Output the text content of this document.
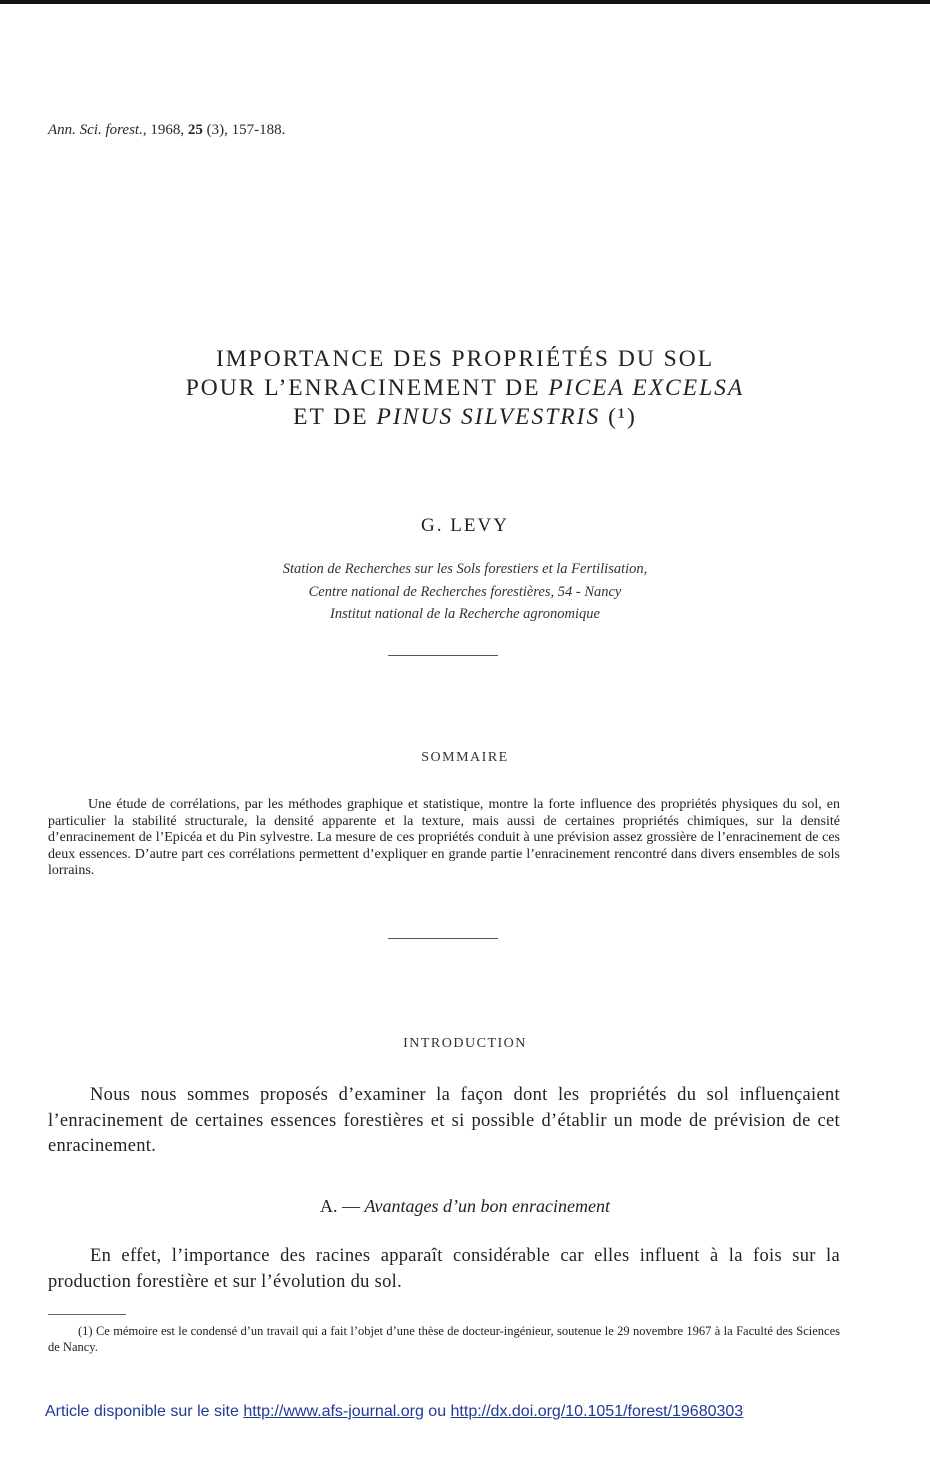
Ann. Sci. forest., 1968, 25 (3), 157-188.
IMPORTANCE DES PROPRIÉTÉS DU SOL
POUR L’ENRACINEMENT DE PICEA EXCELSA
ET DE PINUS SILVESTRIS (¹)
G. LEVY
Station de Recherches sur les Sols forestiers et la Fertilisation,
Centre national de Recherches forestières, 54 - Nancy
Institut national de la Recherche agronomique
SOMMAIRE
Une étude de corrélations, par les méthodes graphique et statistique, montre la forte influence des propriétés physiques du sol, en particulier la stabilité structurale, la densité apparente et la texture, mais aussi de certaines propriétés chimiques, sur la densité d’enracinement de l’Epicéa et du Pin sylvestre. La mesure de ces propriétés conduit à une prévision assez grossière de l’enracinement de ces deux essences. D’autre part ces corrélations permettent d’expliquer en grande partie l’enracinement rencontré dans divers ensembles de sols lorrains.
INTRODUCTION
Nous nous sommes proposés d’examiner la façon dont les propriétés du sol influençaient l’enracinement de certaines essences forestières et si possible d’établir un mode de prévision de cet enracinement.
A. — Avantages d’un bon enracinement
En effet, l’importance des racines apparaît considérable car elles influent à la fois sur la production forestière et sur l’évolution du sol.
(1) Ce mémoire est le condensé d’un travail qui a fait l’objet d’une thèse de docteur-ingénieur, soutenue le 29 novembre 1967 à la Faculté des Sciences de Nancy.
Article disponible sur le site http://www.afs-journal.org ou http://dx.doi.org/10.1051/forest/19680303
